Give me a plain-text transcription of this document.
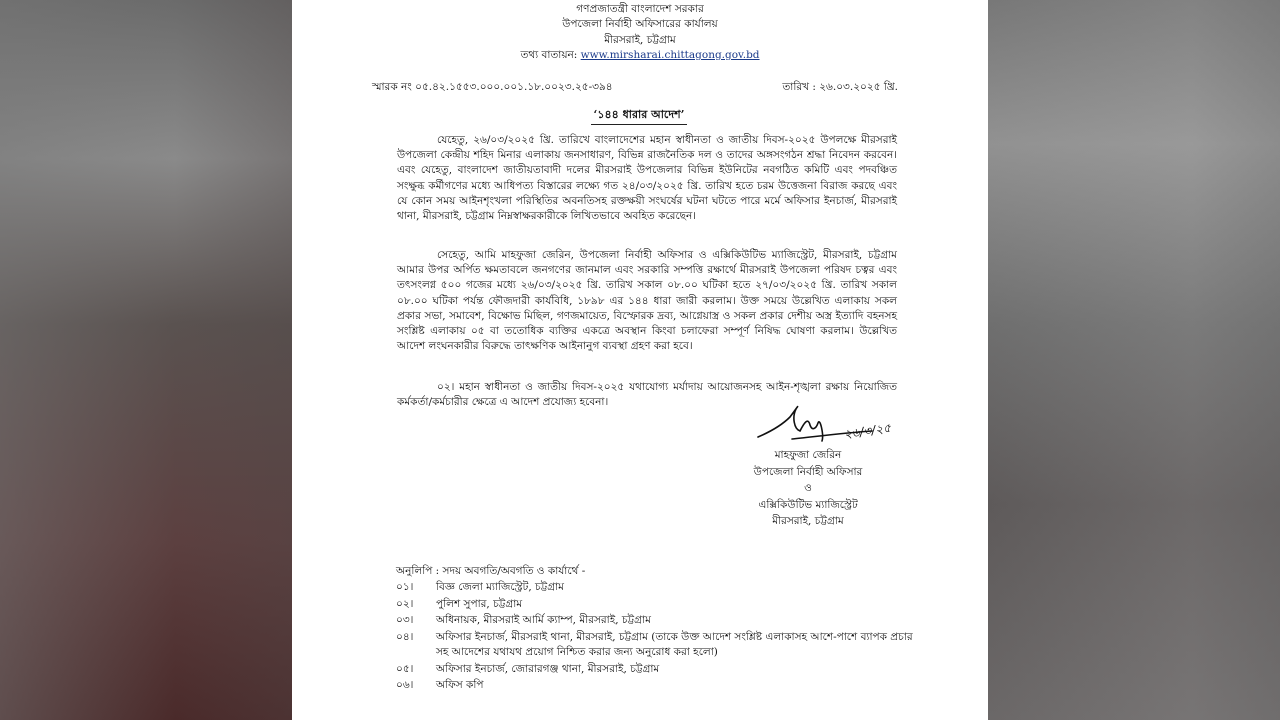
গণপ্রজাতন্ত্রী বাংলাদেশ সরকার
উপজেলা নির্বাহী অফিসারের কার্যালয়
মীরসরাই, চট্টগ্রাম
তথ্য বাতায়ন: www.mirsharai.chittagong.gov.bd
স্মারক নং ০৫.৪২.১৫৫৩.০০০.০০১.১৮.০০২৩.২৫-৩৯৪	তারিখ : ২৬.০৩.২০২৫ খ্রি.
‘১৪৪ ধারার আদেশ’
যেহেতু, ২৬/০৩/২০২৫ খ্রি. তারিখে বাংলাদেশের মহান স্বাধীনতা ও জাতীয় দিবস-২০২৫ উপলক্ষে মীরসরাই উপজেলা কেন্দ্রীয় শহিদ মিনার এলাকায় জনসাধারণ, বিভিন্ন রাজনৈতিক দল ও তাদের অঙ্গসংগঠন শ্রদ্ধা নিবেদন করবেন। এবং যেহেতু, বাংলাদেশ জাতীয়তাবাদী দলের মীরসরাই উপজেলার বিভিন্ন ইউনিটের নবগঠিত কমিটি এবং পদবঞ্চিত সংক্ষুব্ধ কর্মীগণের মধ্যে আধিপত্য বিস্তারের লক্ষ্যে গত ২৪/০৩/২০২৫ খ্রি. তারিখ হতে চরম উত্তেজনা বিরাজ করছে এবং যে কোন সময় আইনশৃংখলা পরিস্থিতির অবনতিসহ রক্তক্ষয়ী সংঘর্ষের ঘটনা ঘটতে পারে মর্মে অফিসার ইনচার্জ, মীরসরাই থানা, মীরসরাই, চট্টগ্রাম নিম্নস্বাক্ষরকারীকে লিখিতভাবে অবহিত করেছেন।
সেহেতু, আমি মাহফুজা জেরিন, উপজেলা নির্বাহী অফিসার ও এক্সিকিউটিভ ম্যাজিস্ট্রেট, মীরসরাই, চট্টগ্রাম আমার উপর অর্পিত ক্ষমতাবলে জনগণের জানমাল এবং সরকারি সম্পত্তি রক্ষার্থে মীরসরাই উপজেলা পরিষদ চত্বর এবং তৎসংলগ্ন ৫০০ গজের মধ্যে ২৬/০৩/২০২৫ খ্রি. তারিখ সকাল ০৮.০০ ঘটিকা হতে ২৭/০৩/২০২৫ খ্রি. তারিখ সকাল ০৮.০০ ঘটিকা পর্যন্ত ফৌজদারী কার্যবিধি, ১৮৯৮ এর ১৪৪ ধারা জারী করলাম। উক্ত সময়ে উল্লেখিত এলাকায় সকল প্রকার সভা, সমাবেশ, বিক্ষোভ মিছিল, গণজমায়েত, বিস্ফোরক দ্রব্য, আগ্নেয়াস্ত্র ও সকল প্রকার দেশীয় অস্ত্র ইত্যাদি বহনসহ সংশ্লিষ্ট এলাকায় ০৫ বা ততোধিক ব্যক্তির একত্রে অবস্থান কিংবা চলাফেরা সম্পূর্ণ নিষিদ্ধ ঘোষণা করলাম। উল্লেখিত আদেশ লংঘনকারীর বিরুদ্ধে তাৎক্ষণিক আইনানুগ ব্যবস্থা গ্রহণ করা হবে।
০২। মহান স্বাধীনতা ও জাতীয় দিবস-২০২৫ যথাযোগ্য মর্যাদায় আয়োজনসহ আইন-শৃঙ্খলা রক্ষায় নিয়োজিত কর্মকর্তা/কর্মচারীর ক্ষেত্রে এ আদেশ প্রযোজ্য হবেনা।
২৬/৩/২৫
মাহফুজা জেরিন
উপজেলা নির্বাহী অফিসার
ও
এক্সিকিউটিভ ম্যাজিস্ট্রেট
মীরসরাই, চট্টগ্রাম
অনুলিপি : সদয় অবগতি/অবগতি ও কার্যার্থে -
০১।	বিজ্ঞ জেলা ম্যাজিস্ট্রেট, চট্টগ্রাম
০২।	পুলিশ সুপার, চট্টগ্রাম
০৩।	অধিনায়ক, মীরসরাই আর্মি ক্যাম্প, মীরসরাই, চট্টগ্রাম
০৪।	অফিসার ইনচার্জ, মীরসরাই থানা, মীরসরাই, চট্টগ্রাম (তাকে উক্ত আদেশ সংশ্লিষ্ট এলাকাসহ আশে-পাশে ব্যাপক প্রচার সহ আদেশের যথাযথ প্রয়োগ নিশ্চিত করার জন্য অনুরোধ করা হলো)
০৫।	অফিসার ইনচার্জ, জোরারগঞ্জ থানা, মীরসরাই, চট্টগ্রাম
০৬।	অফিস কপি
